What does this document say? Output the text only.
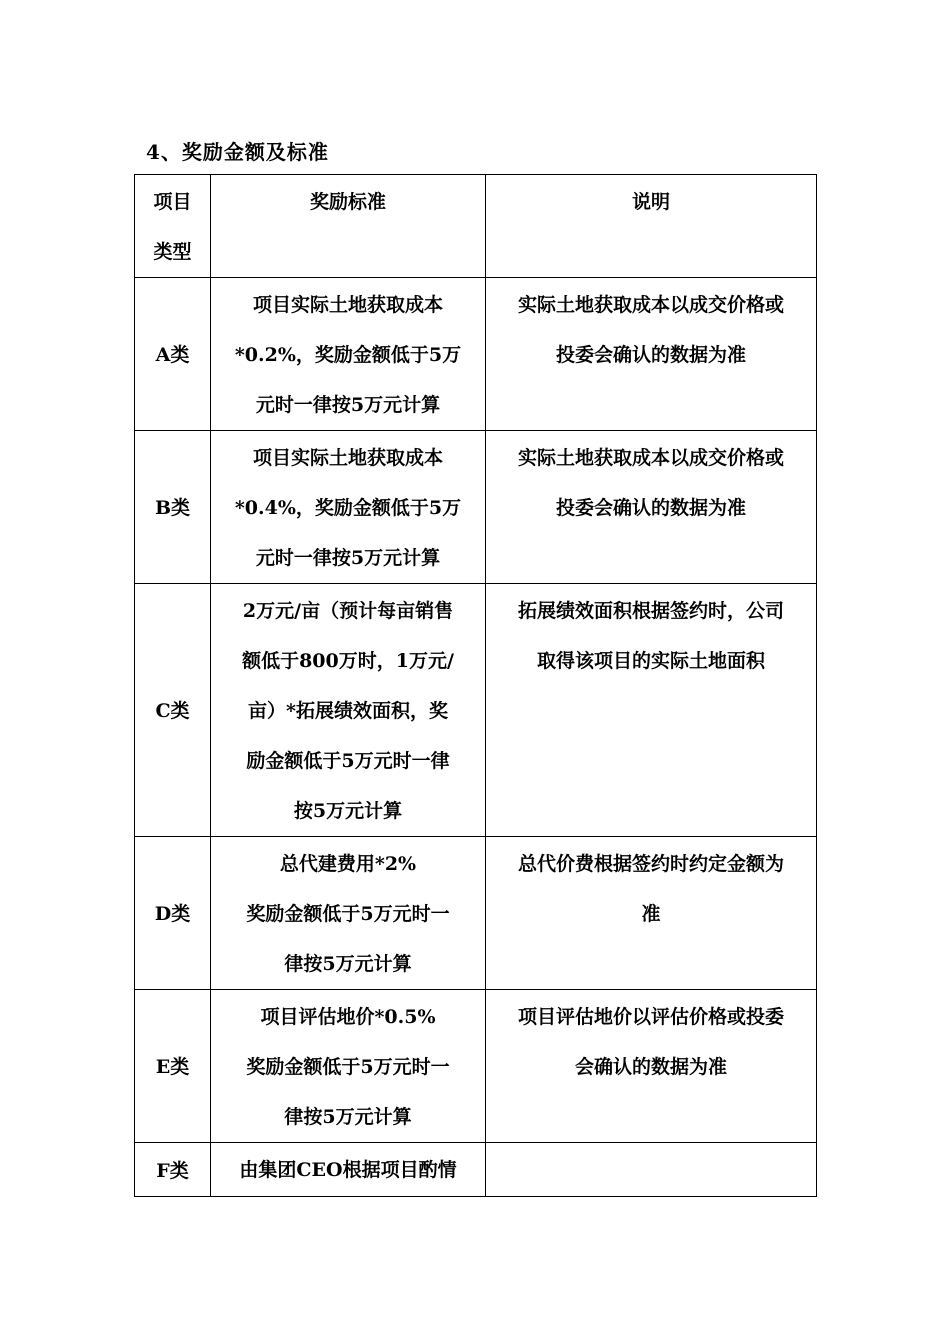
4、奖励金额及标准
项目
类型	奖励标准	说明

A类	项目实际土地获取成本
*0.2%，奖励金额低于5万
元时一律按5万元计算	实际土地获取成本以成交价格或
投委会确认的数据为准

B类	项目实际土地获取成本
*0.4%，奖励金额低于5万
元时一律按5万元计算	实际土地获取成本以成交价格或
投委会确认的数据为准

C类	2万元/亩（预计每亩销售
额低于800万时，1万元/
亩）*拓展绩效面积，奖
励金额低于5万元时一律
按5万元计算	拓展绩效面积根据签约时，公司
取得该项目的实际土地面积

D类	总代建费用*2%
奖励金额低于5万元时一
律按5万元计算	总代价费根据签约时约定金额为
准

E类	项目评估地价*0.5%
奖励金额低于5万元时一
律按5万元计算	项目评估地价以评估价格或投委
会确认的数据为准

F类	由集团CEO根据项目酌情	
